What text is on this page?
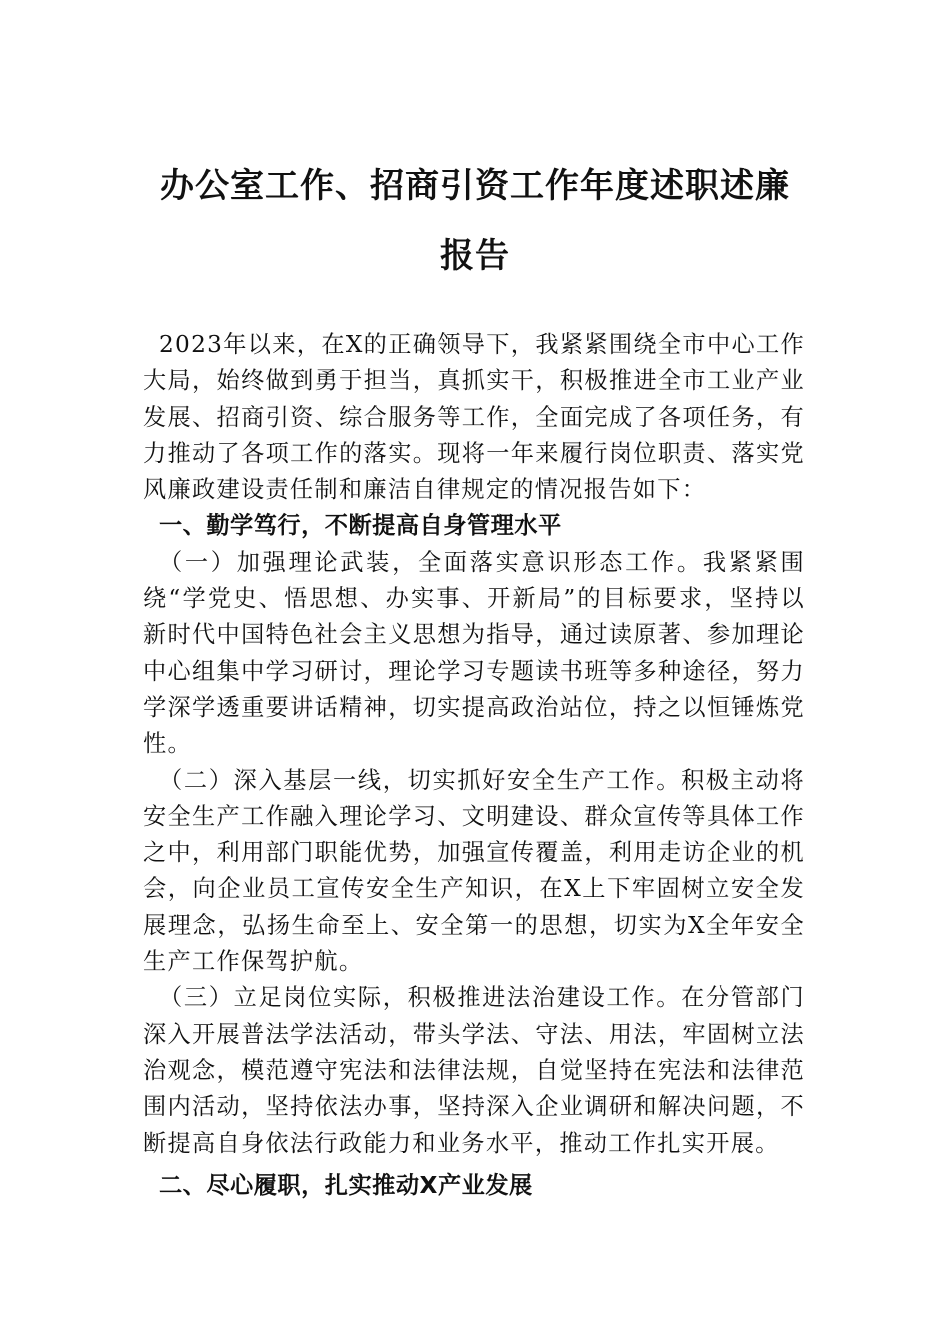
办公室工作、招商引资工作年度述职述廉
报告

2023年以来，在X的正确领导下，我紧紧围绕全市中心工作大局，始终做到勇于担当，真抓实干，积极推进全市工业产业发展、招商引资、综合服务等工作，全面完成了各项任务，有力推动了各项工作的落实。现将一年来履行岗位职责、落实党风廉政建设责任制和廉洁自律规定的情况报告如下：

一、勤学笃行，不断提高自身管理水平

（一）加强理论武装，全面落实意识形态工作。我紧紧围绕“学党史、悟思想、办实事、开新局”的目标要求，坚持以新时代中国特色社会主义思想为指导，通过读原著、参加理论中心组集中学习研讨，理论学习专题读书班等多种途径，努力学深学透重要讲话精神，切实提高政治站位，持之以恒锤炼党性。

（二）深入基层一线，切实抓好安全生产工作。积极主动将安全生产工作融入理论学习、文明建设、群众宣传等具体工作之中，利用部门职能优势，加强宣传覆盖，利用走访企业的机会，向企业员工宣传安全生产知识，在X上下牢固树立安全发展理念，弘扬生命至上、安全第一的思想，切实为X全年安全生产工作保驾护航。

（三）立足岗位实际，积极推进法治建设工作。在分管部门深入开展普法学法活动，带头学法、守法、用法，牢固树立法治观念，模范遵守宪法和法律法规，自觉坚持在宪法和法律范围内活动，坚持依法办事，坚持深入企业调研和解决问题，不断提高自身依法行政能力和业务水平，推动工作扎实开展。

二、尽心履职，扎实推动X产业发展
